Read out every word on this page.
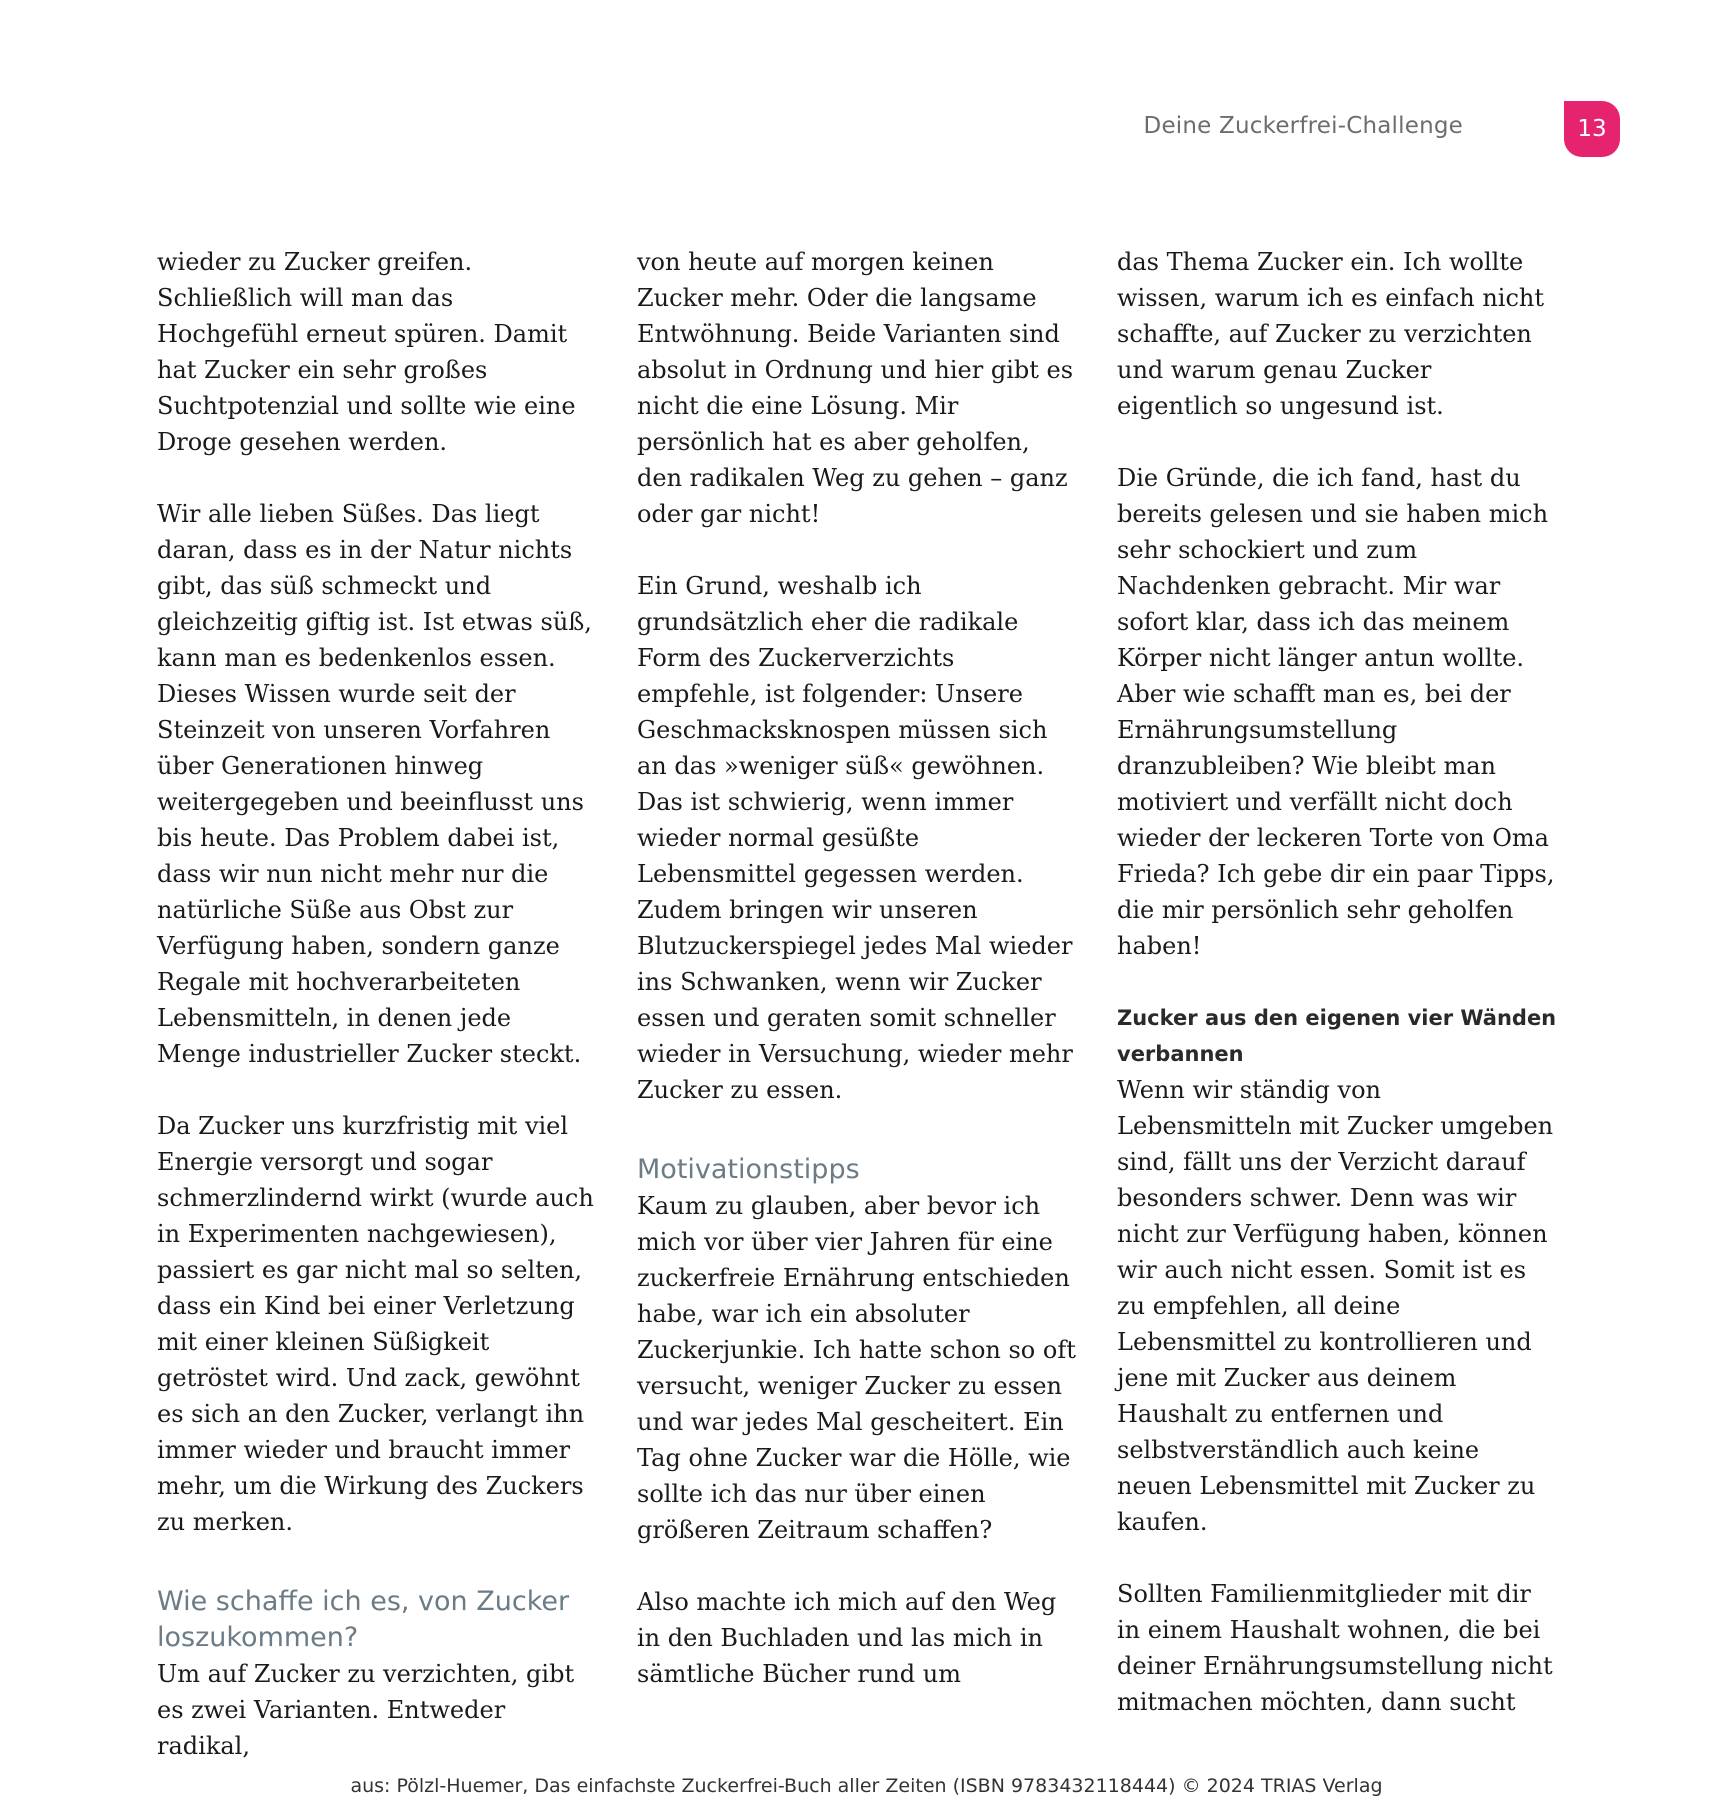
Deine Zuckerfrei-Challenge	13

wieder zu Zucker greifen. Schließlich will man das Hochgefühl erneut spüren. Damit hat Zucker ein sehr großes Suchtpotenzial und sollte wie eine Droge gesehen werden.

Wir alle lieben Süßes. Das liegt daran, dass es in der Natur nichts gibt, das süß schmeckt und gleichzeitig giftig ist. Ist etwas süß, kann man es bedenkenlos essen. Dieses Wissen wurde seit der Steinzeit von unseren Vorfahren über Generationen hinweg weitergegeben und beeinflusst uns bis heute. Das Problem dabei ist, dass wir nun nicht mehr nur die natürliche Süße aus Obst zur Verfügung haben, sondern ganze Regale mit hochverarbeiteten Lebensmitteln, in denen jede Menge industrieller Zucker steckt.

Da Zucker uns kurzfristig mit viel Energie versorgt und sogar schmerzlindernd wirkt (wurde auch in Experimenten nachgewiesen), passiert es gar nicht mal so selten, dass ein Kind bei einer Verletzung mit einer kleinen Süßigkeit getröstet wird. Und zack, gewöhnt es sich an den Zucker, verlangt ihn immer wieder und braucht immer mehr, um die Wirkung des Zuckers zu merken.

Wie schaffe ich es, von Zucker loszukommen?

Um auf Zucker zu verzichten, gibt es zwei Varianten. Entweder radikal,

von heute auf morgen keinen Zucker mehr. Oder die langsame Entwöhnung. Beide Varianten sind absolut in Ordnung und hier gibt es nicht die eine Lösung. Mir persönlich hat es aber geholfen, den radikalen Weg zu gehen – ganz oder gar nicht!

Ein Grund, weshalb ich grundsätzlich eher die radikale Form des Zuckerverzichts empfehle, ist folgender: Unsere Geschmacksknospen müssen sich an das »weniger süß« gewöhnen. Das ist schwierig, wenn immer wieder normal gesüßte Lebensmittel gegessen werden. Zudem bringen wir unseren Blutzuckerspiegel jedes Mal wieder ins Schwanken, wenn wir Zucker essen und geraten somit schneller wieder in Versuchung, wieder mehr Zucker zu essen.

Motivationstipps

Kaum zu glauben, aber bevor ich mich vor über vier Jahren für eine zuckerfreie Ernährung entschieden habe, war ich ein absoluter Zuckerjunkie. Ich hatte schon so oft versucht, weniger Zucker zu essen und war jedes Mal gescheitert. Ein Tag ohne Zucker war die Hölle, wie sollte ich das nur über einen größeren Zeitraum schaffen?

Also machte ich mich auf den Weg in den Buchladen und las mich in sämtliche Bücher rund um

das Thema Zucker ein. Ich wollte wissen, warum ich es einfach nicht schaffte, auf Zucker zu verzichten und warum genau Zucker eigentlich so ungesund ist.

Die Gründe, die ich fand, hast du bereits gelesen und sie haben mich sehr schockiert und zum Nachdenken gebracht. Mir war sofort klar, dass ich das meinem Körper nicht länger antun wollte. Aber wie schafft man es, bei der Ernährungsumstellung dranzubleiben? Wie bleibt man motiviert und verfällt nicht doch wieder der leckeren Torte von Oma Frieda? Ich gebe dir ein paar Tipps, die mir persönlich sehr geholfen haben!

Zucker aus den eigenen vier Wänden verbannen

Wenn wir ständig von Lebensmitteln mit Zucker umgeben sind, fällt uns der Verzicht darauf besonders schwer. Denn was wir nicht zur Verfügung haben, können wir auch nicht essen. Somit ist es zu empfehlen, all deine Lebensmittel zu kontrollieren und jene mit Zucker aus deinem Haushalt zu entfernen und selbstverständlich auch keine neuen Lebensmittel mit Zucker zu kaufen.

Sollten Familienmitglieder mit dir in einem Haushalt wohnen, die bei deiner Ernährungsumstellung nicht mitmachen möchten, dann sucht

aus: Pölzl-Huemer, Das einfachste Zuckerfrei-Buch aller Zeiten (ISBN 9783432118444) © 2024 TRIAS Verlag
